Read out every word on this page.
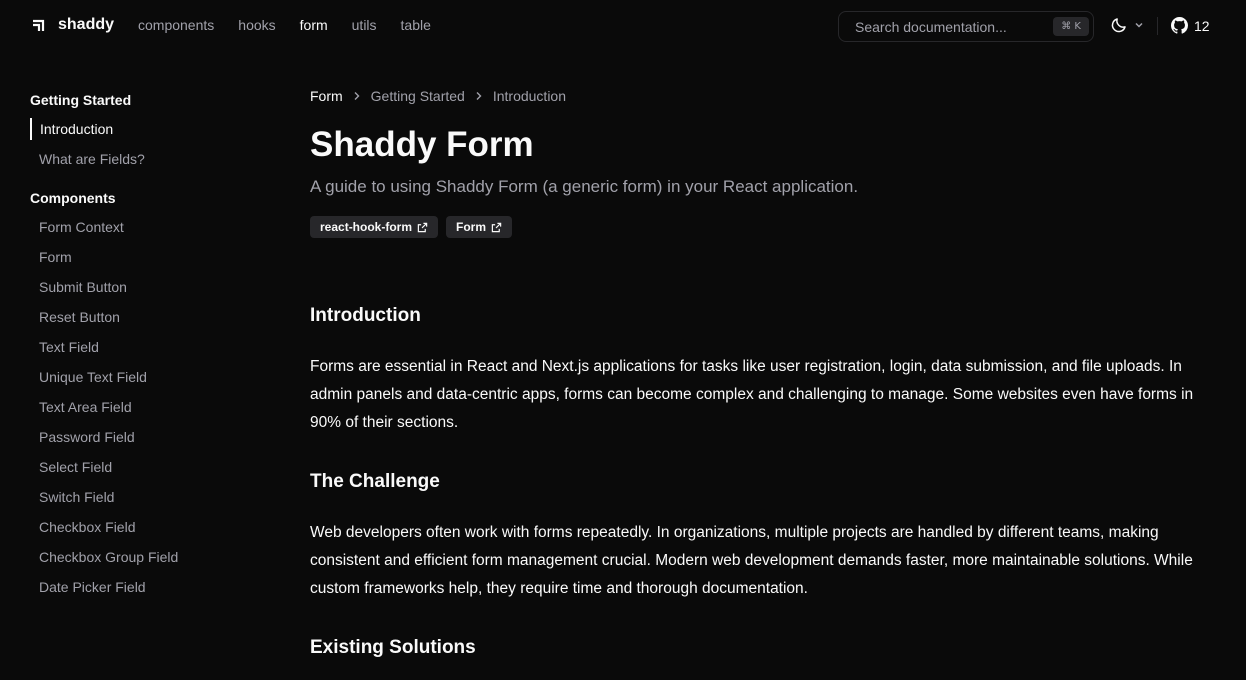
shaddy components hooks form utils table	Search documentation...	⌘ K	12
Getting Started
Introduction
What are Fields?
Components
Form Context
Form
Submit Button
Reset Button
Text Field
Unique Text Field
Text Area Field
Password Field
Select Field
Switch Field
Checkbox Field
Checkbox Group Field
Date Picker Field
Form Getting Started Introduction
Shaddy Form
A guide to using Shaddy Form (a generic form) in your React application.
react-hook-form	Form
Introduction

Forms are essential in React and Next.js applications for tasks like user registration, login, data submission, and file uploads. In admin panels and data-centric apps, forms can become complex and challenging to manage. Some websites even have forms in 90% of their sections.

The Challenge

Web developers often work with forms repeatedly. In organizations, multiple projects are handled by different teams, making consistent and efficient form management crucial. Modern web development demands faster, more maintainable solutions. While custom frameworks help, they require time and thorough documentation.

Existing Solutions
